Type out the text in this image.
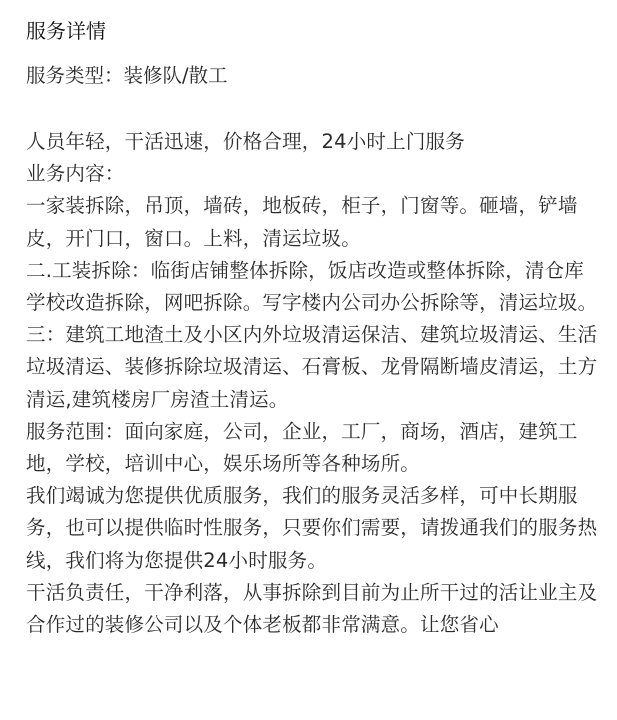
服务详情
服务类型：装修队/散工

人员年轻，干活迅速，价格合理，24小时上门服务

业务内容：

一家装拆除，吊顶，墙砖，地板砖，柜子，门窗等。砸墙，铲墙皮，开门口，窗口。上料，清运垃圾。

二.工装拆除：临街店铺整体拆除，饭店改造或整体拆除，清仓库学校改造拆除，网吧拆除。写字楼内公司办公拆除等，清运垃圾。

三：建筑工地渣土及小区内外垃圾清运保洁、建筑垃圾清运、生活垃圾清运、装修拆除垃圾清运、石膏板、龙骨隔断墙皮清运，土方清运,建筑楼房厂房渣土清运。

服务范围：面向家庭，公司，企业，工厂，商场，酒店，建筑工地，学校，培训中心，娱乐场所等各种场所。

我们竭诚为您提供优质服务，我们的服务灵活多样，可中长期服务，也可以提供临时性服务，只要你们需要，请拨通我们的服务热线，我们将为您提供24小时服务。

干活负责任，干净利落，从事拆除到目前为止所干过的活让业主及合作过的装修公司以及个体老板都非常满意。让您省心
